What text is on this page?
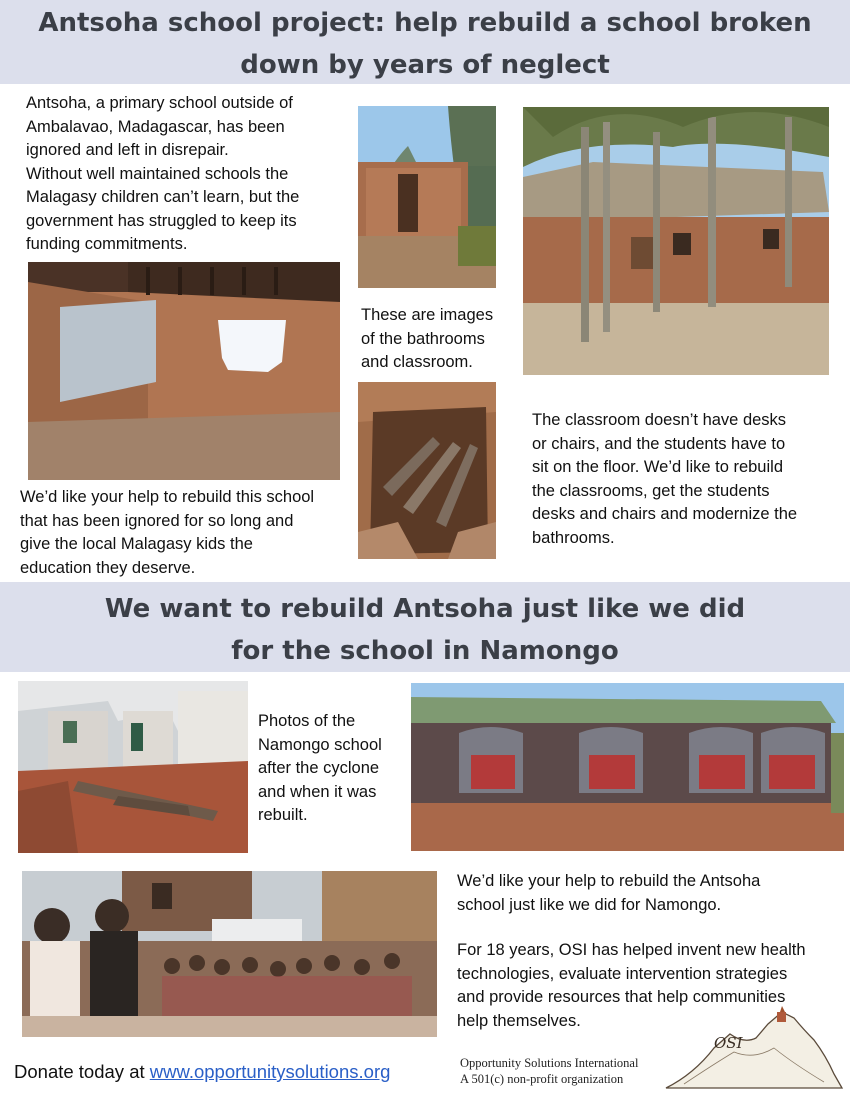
Antsoha school project: help rebuild a school broken

down by years of neglect

Antsoha, a primary school outside of

Ambalavao, Madagascar, has been

ignored and left in disrepair.

Without well maintained schools the

Malagasy children can’t learn, but the

government has struggled to keep its

funding commitments.

These are images

of the bathrooms

and classroom.

The classroom doesn’t have desks

or chairs, and the students have to

sit on the floor. We’d like to rebuild

the classrooms, get the students

desks and chairs and modernize the

bathrooms.

We’d like your help to rebuild this school

that has been ignored for so long and

give the local Malagasy kids the

education they deserve.

We want to rebuild Antsoha just like we did

for the school in Namongo

Photos of the

Namongo school

after the cyclone

and when it was

rebuilt.

We’d like your help to rebuild the Antsoha

school just like we did for Namongo.

For 18 years, OSI has helped invent new health

technologies, evaluate intervention strategies

and provide resources that help communities

help themselves.

Donate today at www.opportunitysolutions.org	Opportunity Solutions International
A 501(c) non-profit organization
OSI
